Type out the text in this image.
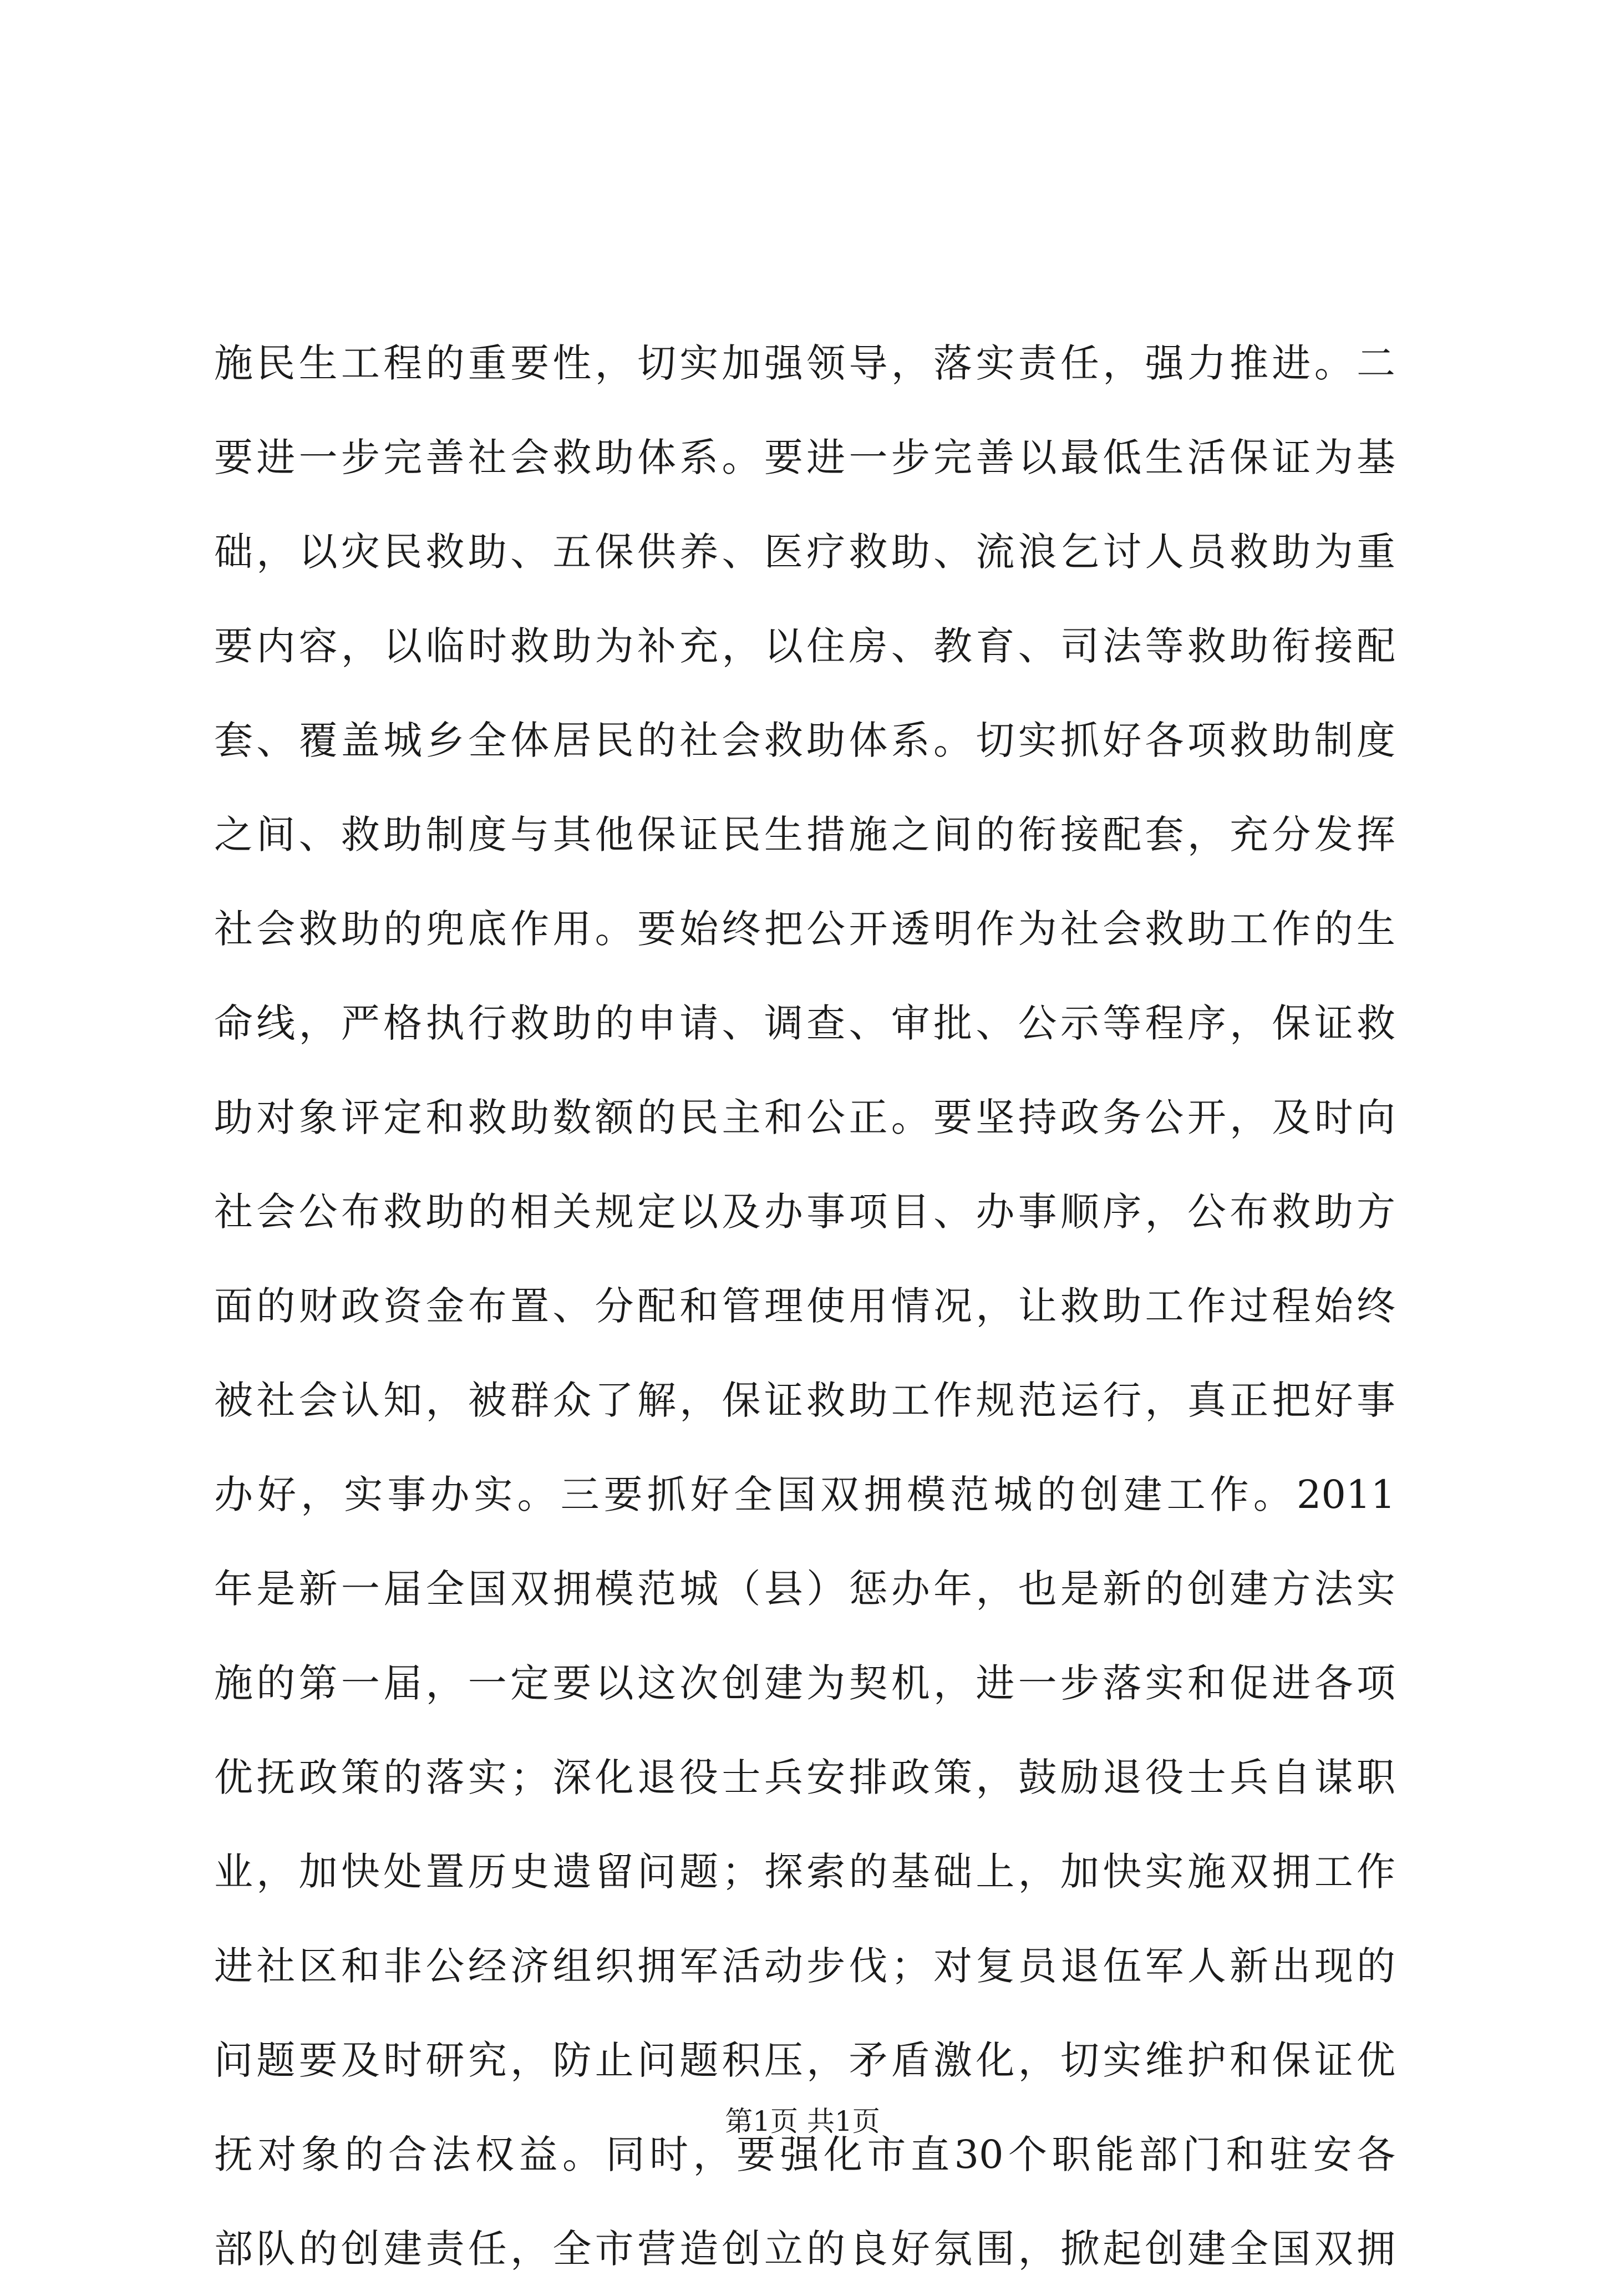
施民生工程的重要性，切实加强领导，落实责任，强力推进。二
要进一步完善社会救助体系。要进一步完善以最低生活保证为基
础，以灾民救助、五保供养、医疗救助、流浪乞讨人员救助为重
要内容，以临时救助为补充，以住房、教育、司法等救助衔接配
套、覆盖城乡全体居民的社会救助体系。切实抓好各项救助制度
之间、救助制度与其他保证民生措施之间的衔接配套，充分发挥
社会救助的兜底作用。要始终把公开透明作为社会救助工作的生
命线，严格执行救助的申请、调查、审批、公示等程序，保证救
助对象评定和救助数额的民主和公正。要坚持政务公开，及时向
社会公布救助的相关规定以及办事项目、办事顺序，公布救助方
面的财政资金布置、分配和管理使用情况，让救助工作过程始终
被社会认知，被群众了解，保证救助工作规范运行，真正把好事
办好，实事办实。三要抓好全国双拥模范城的创建工作。2011
年是新一届全国双拥模范城（县）惩办年，也是新的创建方法实
施的第一届，一定要以这次创建为契机，进一步落实和促进各项
优抚政策的落实；深化退役士兵安排政策，鼓励退役士兵自谋职
业，加快处置历史遗留问题；探索的基础上，加快实施双拥工作
进社区和非公经济组织拥军活动步伐；对复员退伍军人新出现的
问题要及时研究，防止问题积压，矛盾激化，切实维护和保证优
抚对象的合法权益。同时，要强化市直30个职能部门和驻安各
部队的创建责任，全市营造创立的良好氛围，掀起创建全国双拥
第1页 共1页
